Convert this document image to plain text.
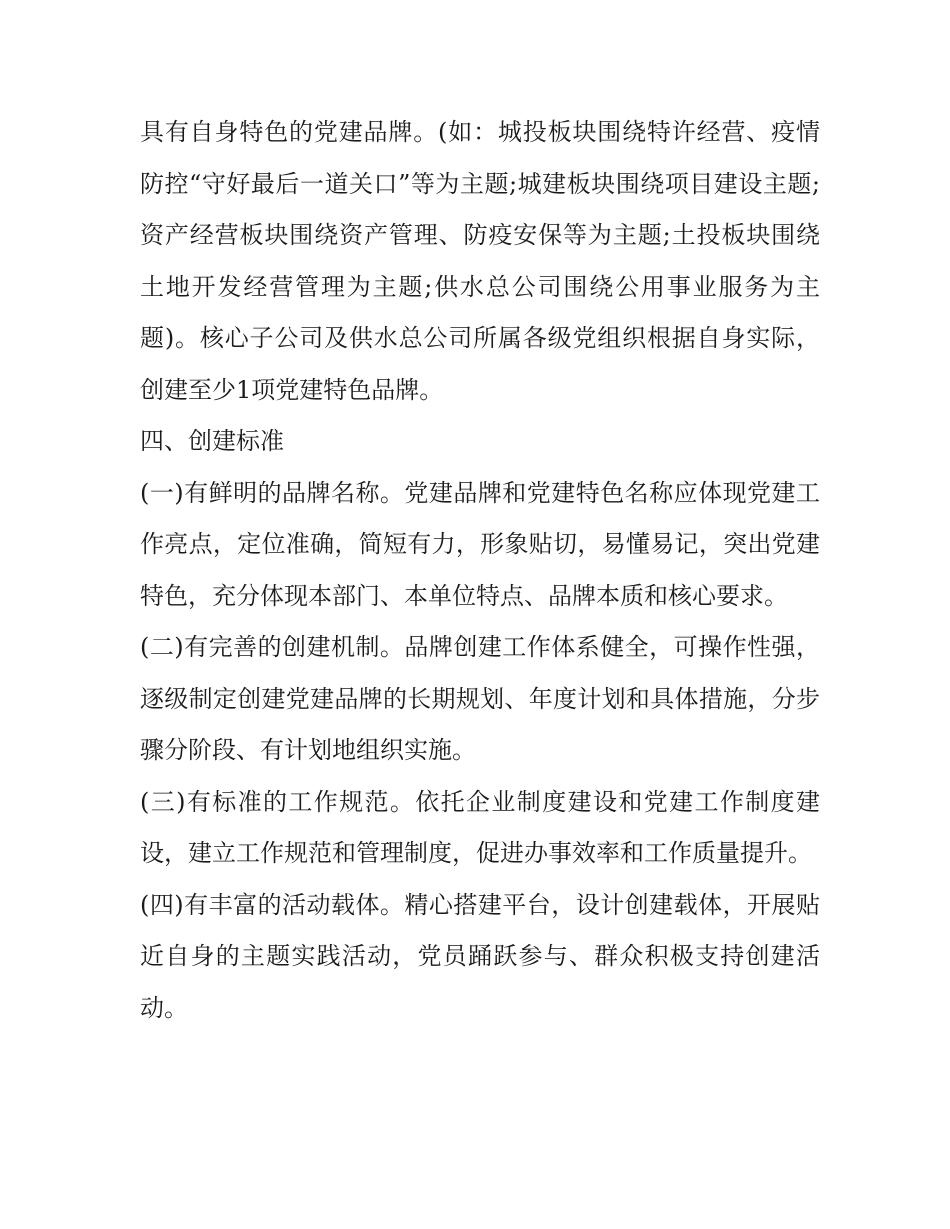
具有自身特色的党建品牌。(如：城投板块围绕特许经营、疫情防控“守好最后一道关口”等为主题;城建板块围绕项目建设主题;资产经营板块围绕资产管理、防疫安保等为主题;土投板块围绕土地开发经营管理为主题;供水总公司围绕公用事业服务为主题)。核心子公司及供水总公司所属各级党组织根据自身实际，创建至少1项党建特色品牌。

四、创建标准

(一)有鲜明的品牌名称。党建品牌和党建特色名称应体现党建工作亮点，定位准确，简短有力，形象贴切，易懂易记，突出党建特色，充分体现本部门、本单位特点、品牌本质和核心要求。

(二)有完善的创建机制。品牌创建工作体系健全，可操作性强，逐级制定创建党建品牌的长期规划、年度计划和具体措施，分步骤分阶段、有计划地组织实施。

(三)有标准的工作规范。依托企业制度建设和党建工作制度建设，建立工作规范和管理制度，促进办事效率和工作质量提升。

(四)有丰富的活动载体。精心搭建平台，设计创建载体，开展贴近自身的主题实践活动，党员踊跃参与、群众积极支持创建活动。
